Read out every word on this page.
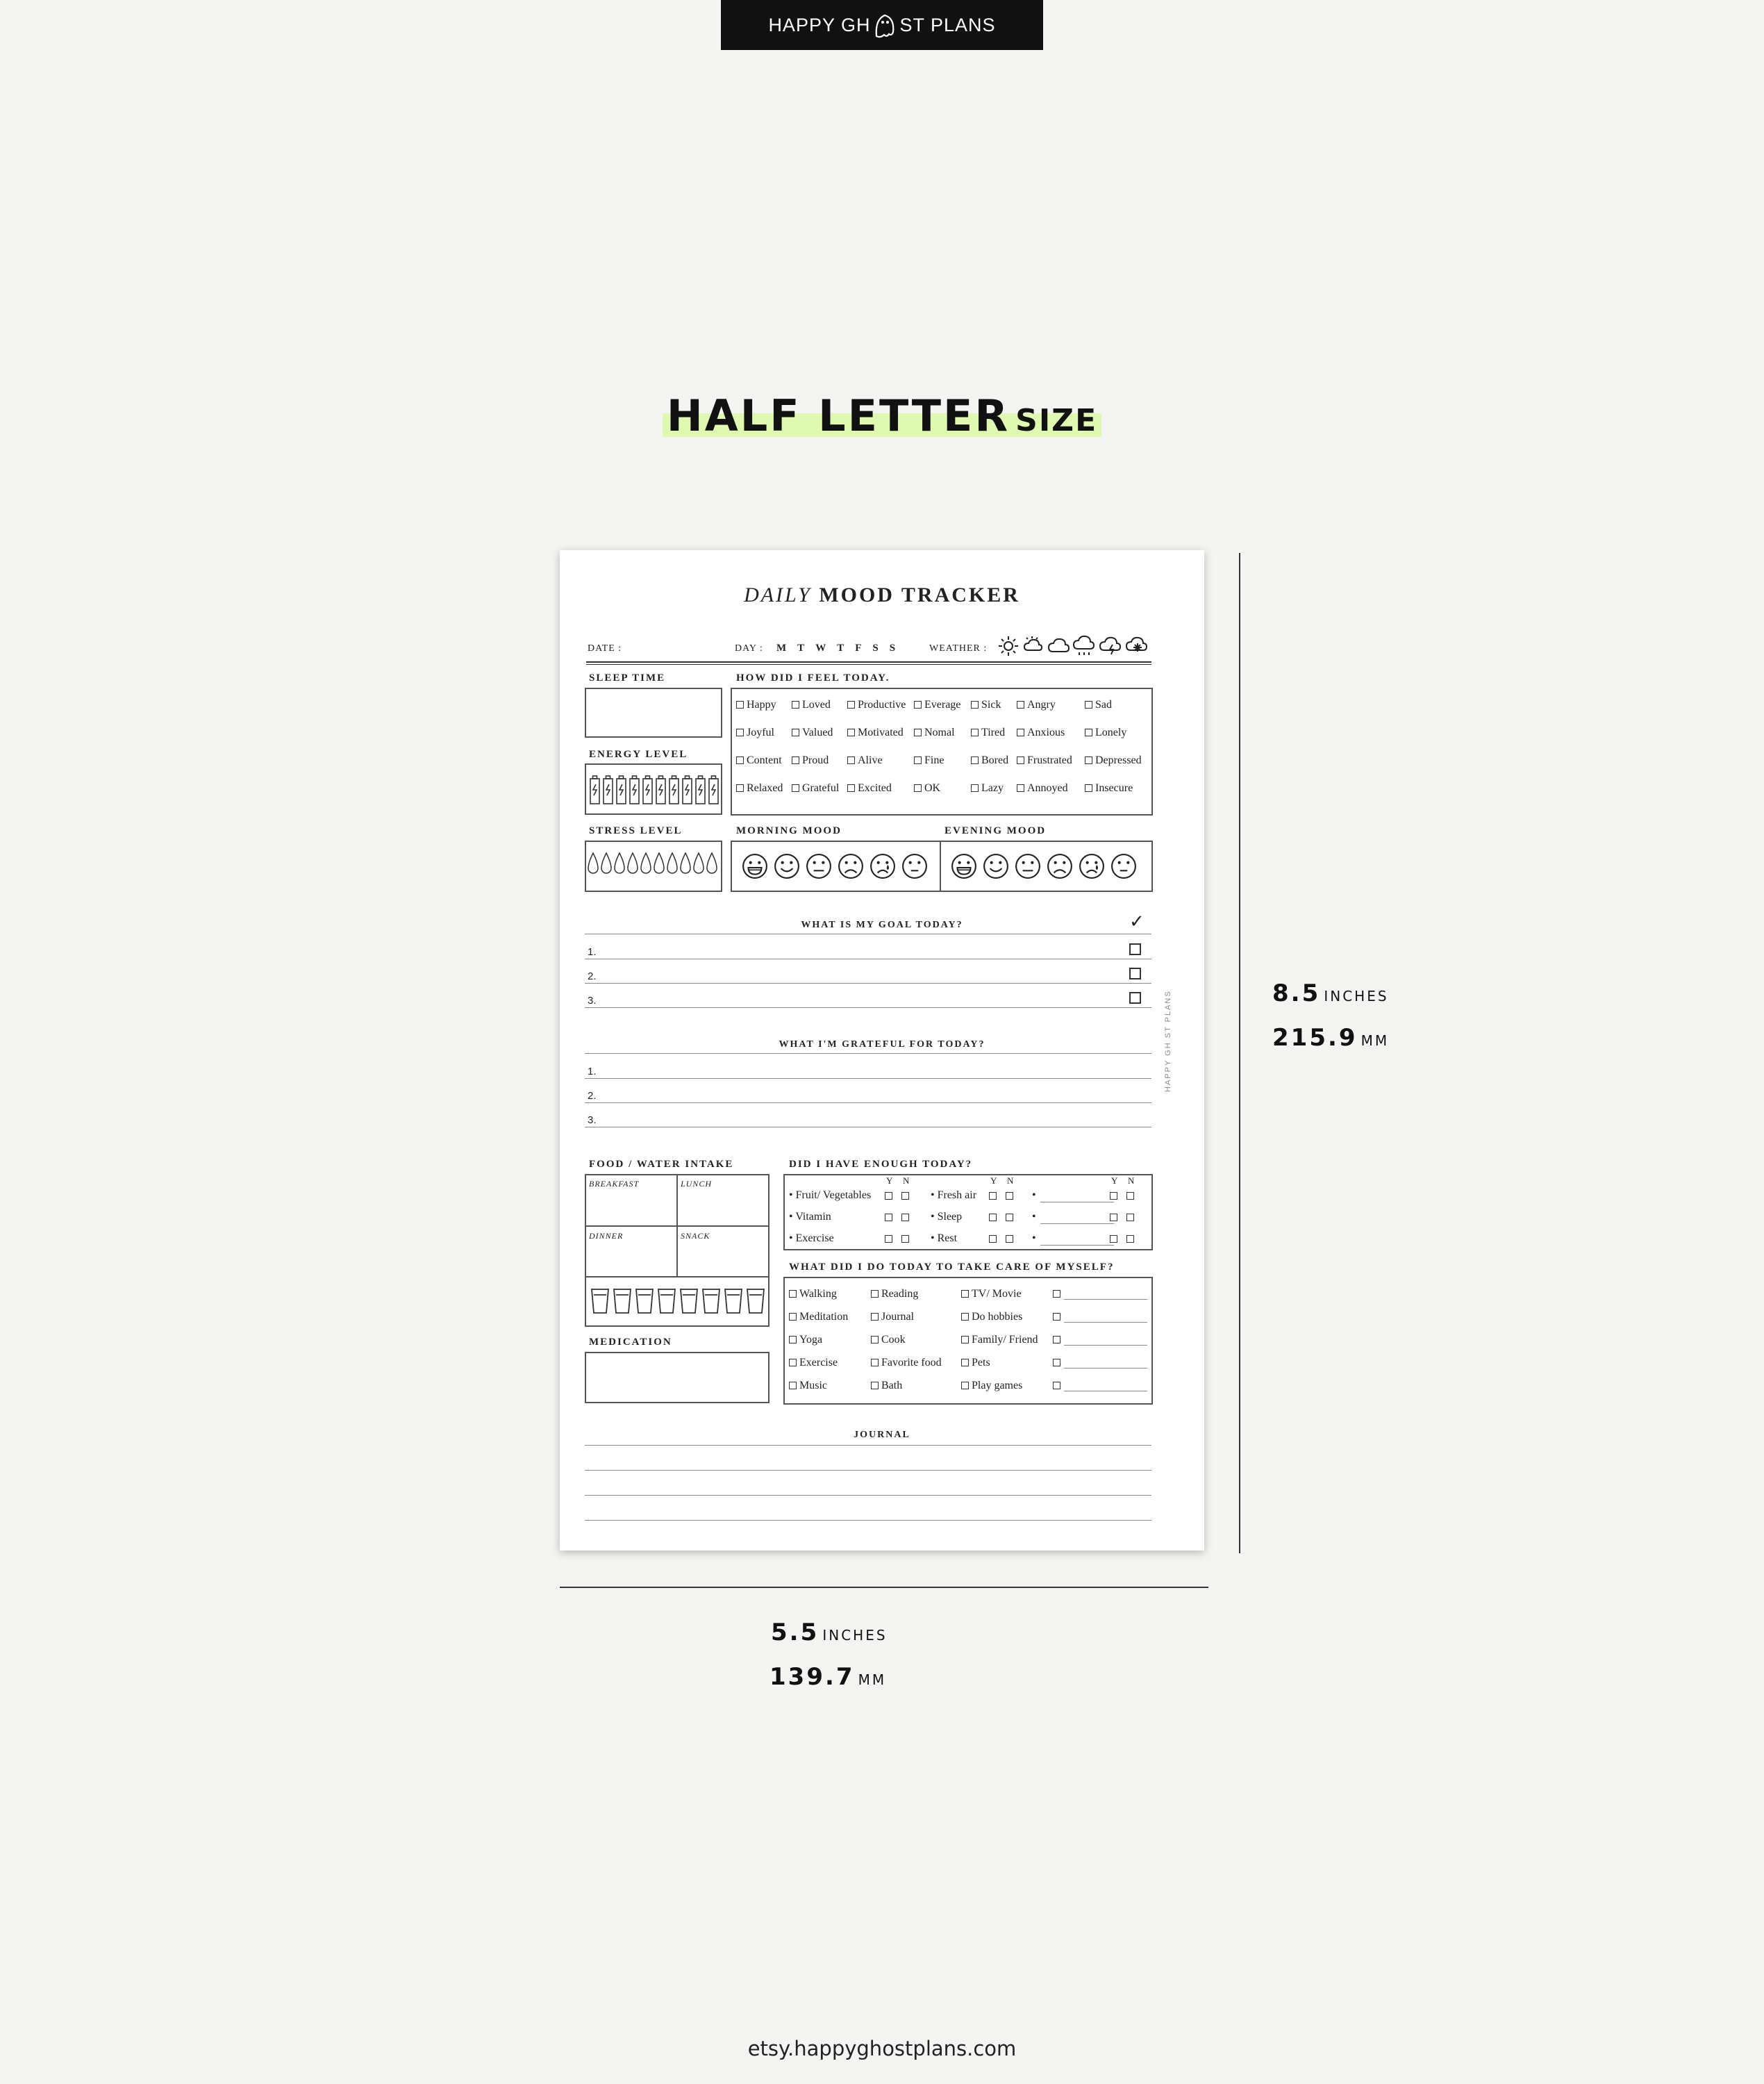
HAPPY GH ST PLANS
HALF LETTER SIZE
DAILY MOOD TRACKER
DATE :	DAY : M T W T F S S	WEATHER :
SLEEP TIME
ENERGY LEVEL
STRESS LEVEL
HOW DID I FEEL TODAY.
Happy	Loved	Productive	Everage	Sick	Angry	Sad
Joyful	Valued	Motivated	Nomal	Tired	Anxious	Lonely
Content	Proud	Alive	Fine	Bored	Frustrated	Depressed
Relaxed	Grateful	Excited	OK	Lazy	Annoyed	Insecure
MORNING MOOD	EVENING MOOD
WHAT IS MY GOAL TODAY?	✓
1.
2.
3.
WHAT I'M GRATEFUL FOR TODAY?
1.
2.
3.
HAPPY GH ST PLANS
FOOD / WATER INTAKE
BREAKFAST	LUNCH
DINNER	SNACK
MEDICATION
DID I HAVE ENOUGH TODAY?
Y N	Y N	Y N
• Fruit/ Vegetables	• Fresh air	•
• Vitamin	• Sleep	•
• Exercise	• Rest	•
WHAT DID I DO TODAY TO TAKE CARE OF MYSELF?
Walking	Reading	TV/ Movie
Meditation	Journal	Do hobbies
Yoga	Cook	Family/ Friend
Exercise	Favorite food	Pets
Music	Bath	Play games
JOURNAL
8.5 inches
215.9 mm
5.5 inches
139.7 mm
etsy.happyghostplans.com
